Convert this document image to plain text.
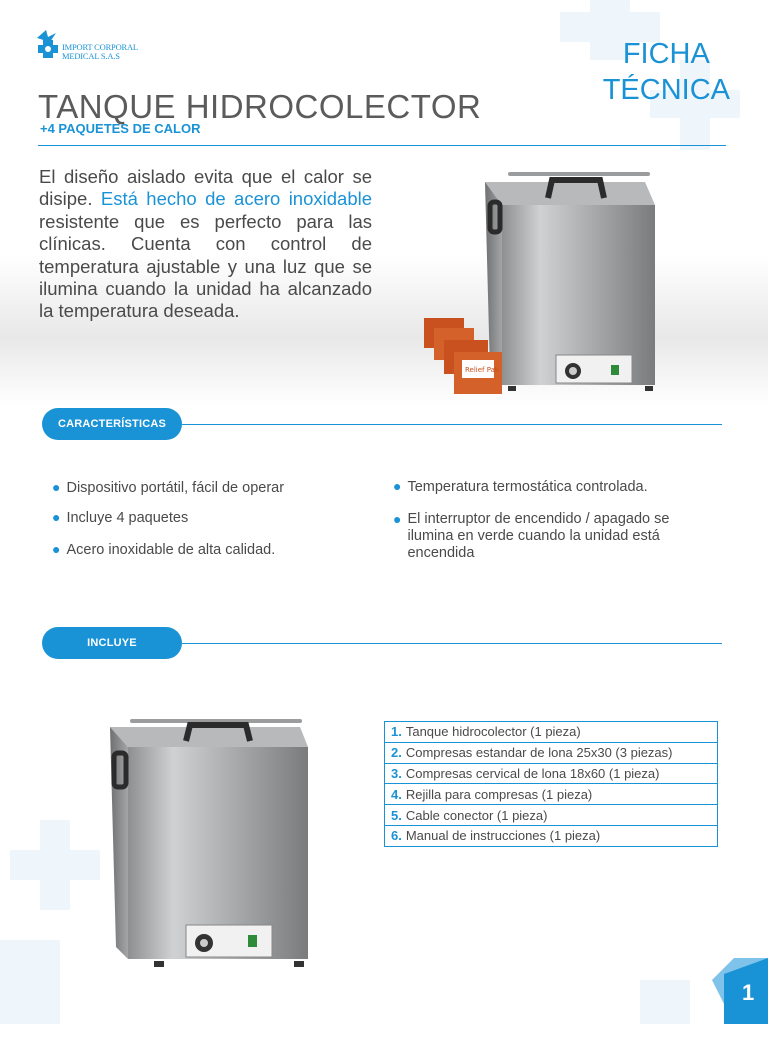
IMPORT CORPORAL
MEDICAL S.A.S	FICHA
TÉCNICA
TANQUE HIDROCOLECTOR
+4 PAQUETES DE CALOR
El diseño aislado evita que el calor se disipe. Está hecho de acero inoxidable resistente que es perfecto para las clínicas. Cuenta con control de temperatura ajustable y una luz que se ilumina cuando la unidad ha alcanzado la temperatura deseada.
Relief Pak
CARACTERÍSTICAS
● Dispositivo portátil, fácil de operar
● Incluye 4 paquetes
● Acero inoxidable de alta calidad.
● Temperatura termostática controlada.
● El interruptor de encendido / apagado se ilumina en verde cuando la unidad está encendida
INCLUYE
1. Tanque hidrocolector (1 pieza)
2. Compresas estandar de lona 25x30 (3 piezas)
3. Compresas cervical de lona 18x60 (1 pieza)
4. Rejilla para compresas (1 pieza)
5. Cable conector (1 pieza)
6. Manual de instrucciones (1 pieza)
1
